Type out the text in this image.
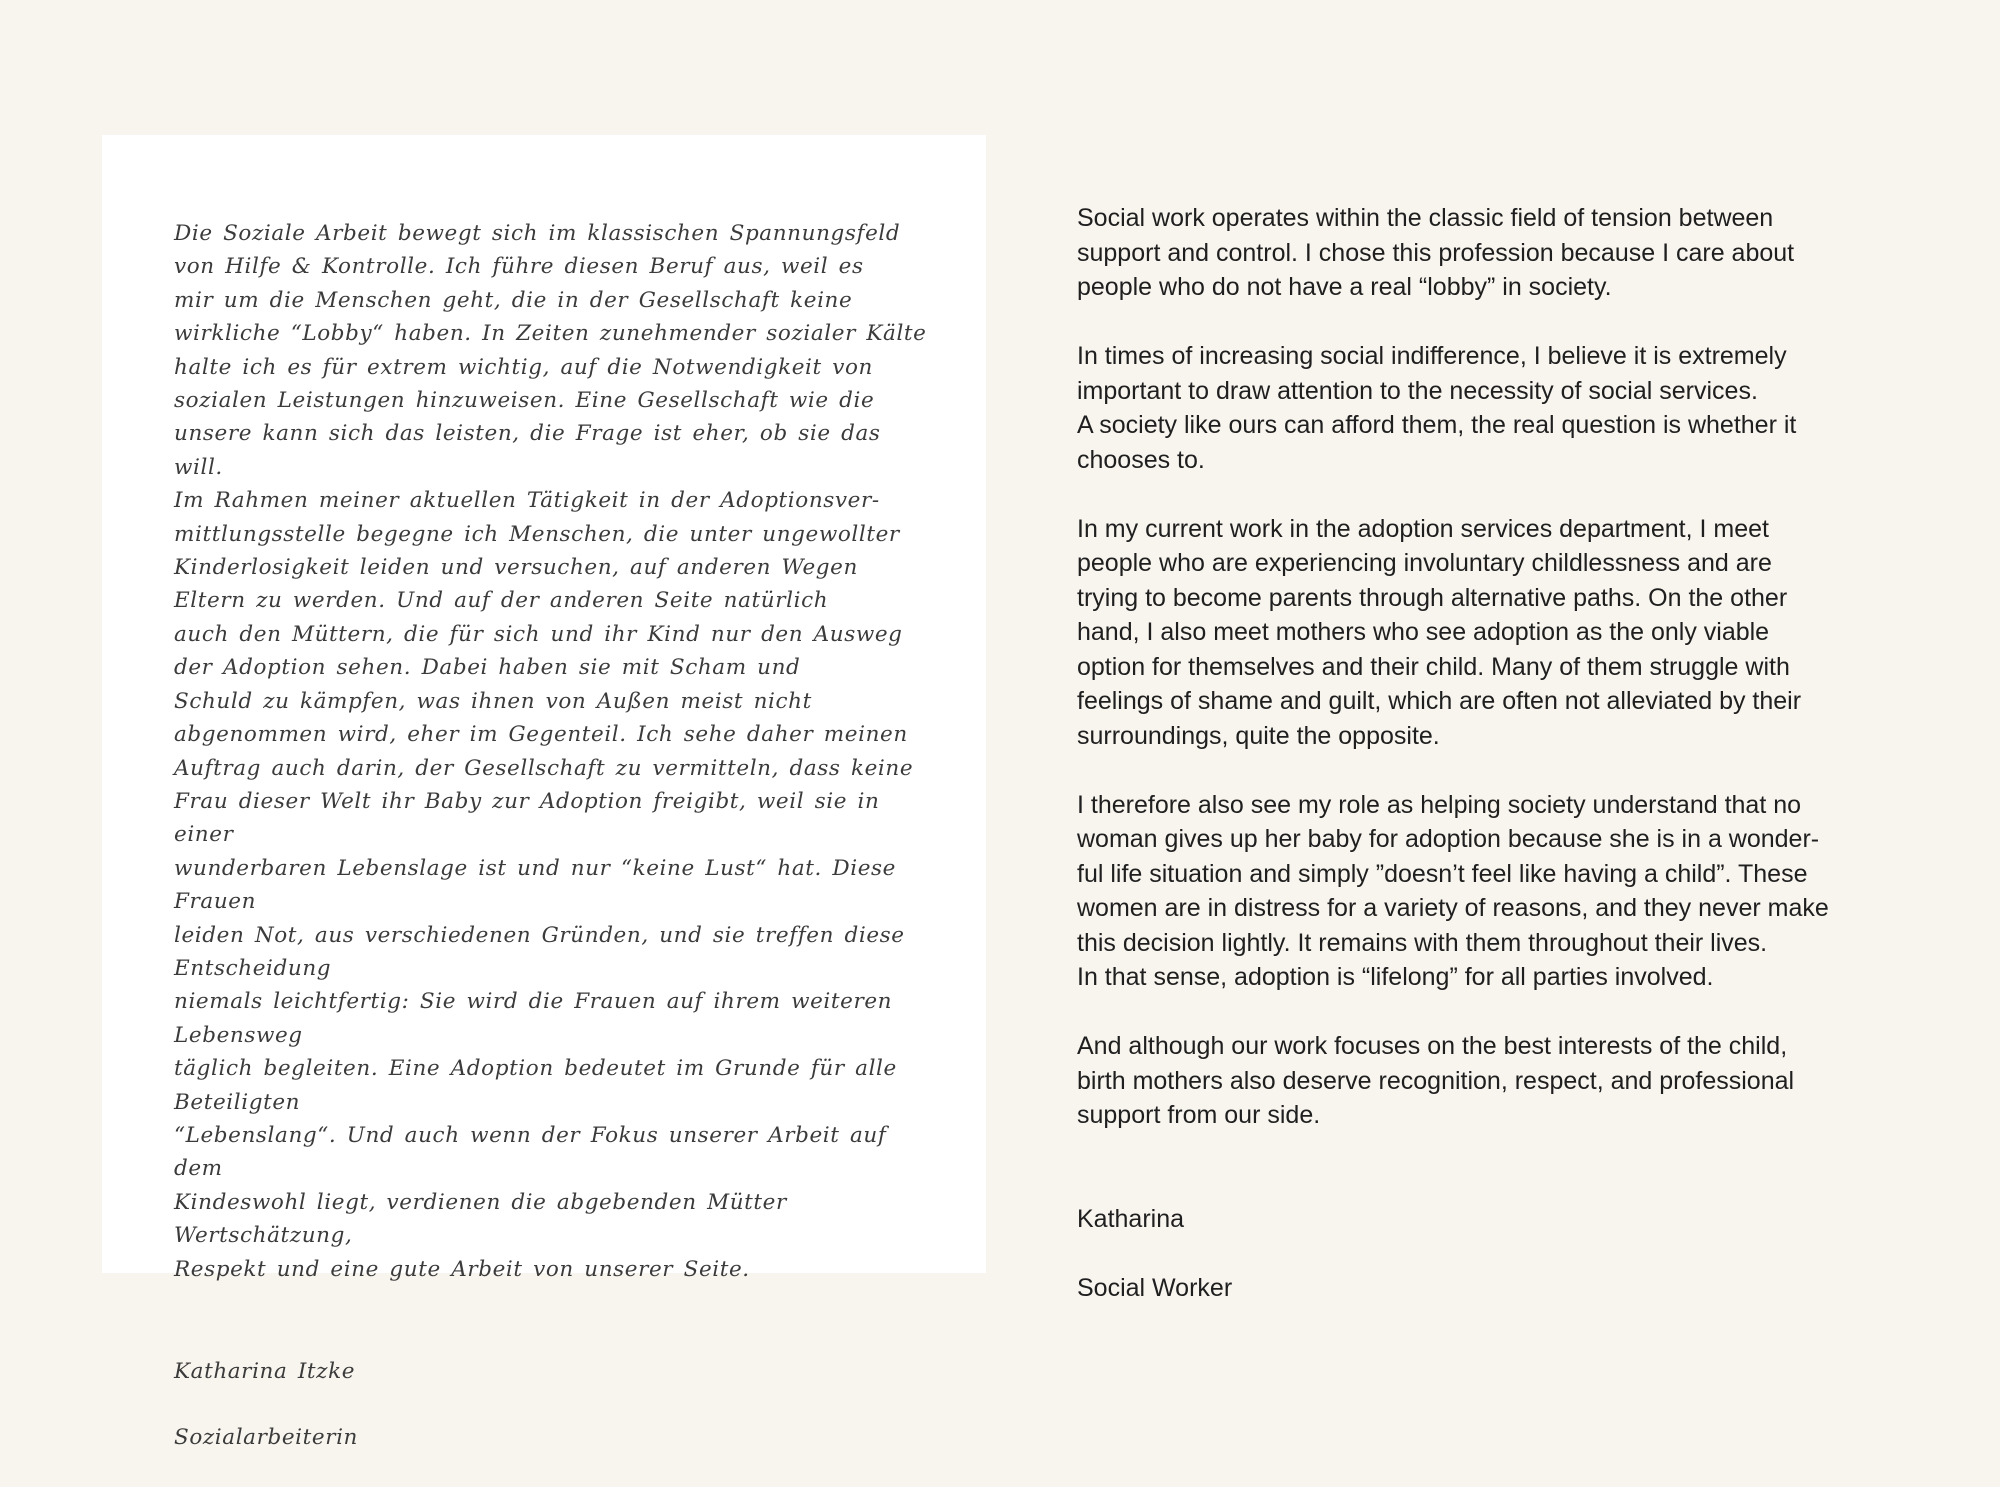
Die Soziale Arbeit bewegt sich im klassischen Spannungsfeld
von Hilfe & Kontrolle. Ich führe diesen Beruf aus, weil es
mir um die Menschen geht, die in der Gesellschaft keine
wirkliche “Lobby“ haben. In Zeiten zunehmender sozialer Kälte
halte ich es für extrem wichtig, auf die Notwendigkeit von
sozialen Leistungen hinzuweisen. Eine Gesellschaft wie die
unsere kann sich das leisten, die Frage ist eher, ob sie das
will.

Im Rahmen meiner aktuellen Tätigkeit in der Adoptionsver-
mittlungsstelle begegne ich Menschen, die unter ungewollter
Kinderlosigkeit leiden und versuchen, auf anderen Wegen
Eltern zu werden. Und auf der anderen Seite natürlich
auch den Müttern, die für sich und ihr Kind nur den Ausweg
der Adoption sehen. Dabei haben sie mit Scham und
Schuld zu kämpfen, was ihnen von Außen meist nicht
abgenommen wird, eher im Gegenteil. Ich sehe daher meinen
Auftrag auch darin, der Gesellschaft zu vermitteln, dass keine
Frau dieser Welt ihr Baby zur Adoption freigibt, weil sie in einer
wunderbaren Lebenslage ist und nur “keine Lust“ hat. Diese Frauen
leiden Not, aus verschiedenen Gründen, und sie treffen diese Entscheidung
niemals leichtfertig: Sie wird die Frauen auf ihrem weiteren Lebensweg
täglich begleiten. Eine Adoption bedeutet im Grunde für alle Beteiligten
“Lebenslang“. Und auch wenn der Fokus unserer Arbeit auf dem
Kindeswohl liegt, verdienen die abgebenden Mütter Wertschätzung,
Respekt und eine gute Arbeit von unserer Seite.

Katharina Itzke

Sozialarbeiterin

Social work operates within the classic field of tension between
support and control. I chose this profession because I care about
people who do not have a real “lobby” in society.

In times of increasing social indifference, I believe it is extremely
important to draw attention to the necessity of social services.
A society like ours can afford them, the real question is whether it
chooses to.

In my current work in the adoption services department, I meet
people who are experiencing involuntary childlessness and are
trying to become parents through alternative paths. On the other
hand, I also meet mothers who see adoption as the only viable
option for themselves and their child. Many of them struggle with
feelings of shame and guilt, which are often not alleviated by their
surroundings, quite the opposite.

I therefore also see my role as helping society understand that no
woman gives up her baby for adoption because she is in a wonder-
ful life situation and simply ”doesn’t feel like having a child”. These
women are in distress for a variety of reasons, and they never make
this decision lightly. It remains with them throughout their lives.
In that sense, adoption is “lifelong” for all parties involved.

And although our work focuses on the best interests of the child,
birth mothers also deserve recognition, respect, and professional
support from our side.

Katharina

Social Worker
